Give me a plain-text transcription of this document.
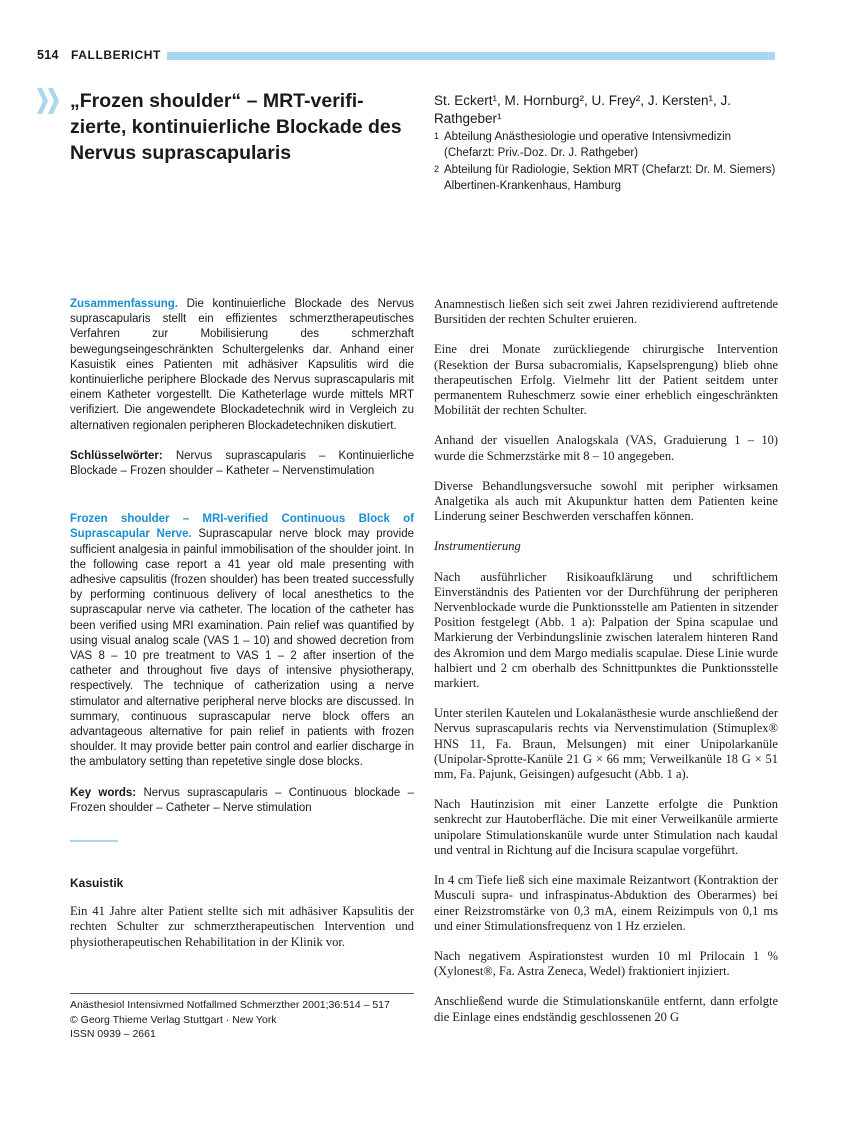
514 FALLBERICHT
„Frozen shoulder“ – MRT-verifizierte, kontinuierliche Blockade des Nervus suprascapularis
St. Eckert¹, M. Hornburg², U. Frey², J. Kersten¹, J. Rathgeber¹
1 Abteilung Anästhesiologie und operative Intensivmedizin
(Chefarzt: Priv.-Doz. Dr. J. Rathgeber)
2 Abteilung für Radiologie, Sektion MRT (Chefarzt: Dr. M. Siemers)
Albertinen-Krankenhaus, Hamburg

Zusammenfassung. Die kontinuierliche Blockade des Nervus suprascapularis stellt ein effizientes schmerztherapeutisches Verfahren zur Mobilisierung des schmerzhaft bewegungseingeschränkten Schultergelenks dar. Anhand einer Kasuistik eines Patienten mit adhäsiver Kapsulitis wird die kontinuierliche periphere Blockade des Nervus suprascapularis mit einem Katheter vorgestellt. Die Katheterlage wurde mittels MRT verifiziert. Die angewendete Blockadetechnik wird in Vergleich zu alternativen regionalen peripheren Blockadetechniken diskutiert.

Schlüsselwörter: Nervus suprascapularis – Kontinuierliche Blockade – Frozen shoulder – Katheter – Nervenstimulation

Frozen shoulder – MRI-verified Continuous Block of Suprascapular Nerve. Suprascapular nerve block may provide sufficient analgesia in painful immobilisation of the shoulder joint. In the following case report a 41 year old male presenting with adhesive capsulitis (frozen shoulder) has been treated successfully by performing continuous delivery of local anesthetics to the suprascapular nerve via catheter. The location of the catheter has been verified using MRI examination. Pain relief was quantified by using visual analog scale (VAS 1 – 10) and showed decretion from VAS 8 – 10 pre treatment to VAS 1 – 2 after insertion of the catheter and throughout five days of intensive physiotherapy, respectively. The technique of catherization using a nerve stimulator and alternative peripheral nerve blocks are discussed. In summary, continuous suprascapular nerve block offers an advantageous alternative for pain relief in patients with frozen shoulder. It may provide better pain control and earlier discharge in the ambulatory setting than repetetive single dose blocks.

Key words: Nervus suprascapularis – Continuous blockade – Frozen shoulder – Catheter – Nerve stimulation

Kasuistik

Ein 41 Jahre alter Patient stellte sich mit adhäsiver Kapsulitis der rechten Schulter zur schmerztherapeutischen Intervention und physiotherapeutischen Rehabilitation in der Klinik vor.

Anästhesiol Intensivmed Notfallmed Schmerzther 2001;36:514 – 517
© Georg Thieme Verlag Stuttgart · New York
ISSN 0939 – 2661

Anamnestisch ließen sich seit zwei Jahren rezidivierend auftretende Bursitiden der rechten Schulter eruieren.

Eine drei Monate zurückliegende chirurgische Intervention (Resektion der Bursa subacromialis, Kapselsprengung) blieb ohne therapeutischen Erfolg. Vielmehr litt der Patient seitdem unter permanentem Ruheschmerz sowie einer erheblich eingeschränkten Mobilität der rechten Schulter.

Anhand der visuellen Analogskala (VAS, Graduierung 1 – 10) wurde die Schmerzstärke mit 8 – 10 angegeben.

Diverse Behandlungsversuche sowohl mit peripher wirksamen Analgetika als auch mit Akupunktur hatten dem Patienten keine Linderung seiner Beschwerden verschaffen können.

Instrumentierung

Nach ausführlicher Risikoaufklärung und schriftlichem Einverständnis des Patienten vor der Durchführung der peripheren Nervenblockade wurde die Punktionsstelle am Patienten in sitzender Position festgelegt (Abb. 1 a): Palpation der Spina scapulae und Markierung der Verbindungslinie zwischen lateralem hinteren Rand des Akromion und dem Margo medialis scapulae. Diese Linie wurde halbiert und 2 cm oberhalb des Schnittpunktes die Punktionsstelle markiert.

Unter sterilen Kautelen und Lokalanästhesie wurde anschließend der Nervus suprascapularis rechts via Nervenstimulation (Stimuplex® HNS 11, Fa. Braun, Melsungen) mit einer Unipolarkanüle (Unipolar-Sprotte-Kanüle 21 G × 66 mm; Verweilkanüle 18 G × 51 mm, Fa. Pajunk, Geisingen) aufgesucht (Abb. 1 a).

Nach Hautinzision mit einer Lanzette erfolgte die Punktion senkrecht zur Hautoberfläche. Die mit einer Verweilkanüle armierte unipolare Stimulationskanüle wurde unter Stimulation nach kaudal und ventral in Richtung auf die Incisura scapulae vorgeführt.

In 4 cm Tiefe ließ sich eine maximale Reizantwort (Kontraktion der Musculi supra- und infraspinatus-Abduktion des Oberarmes) bei einer Reizstromstärke von 0,3 mA, einem Reizimpuls von 0,1 ms und einer Stimulationsfrequenz von 1 Hz erzielen.

Nach negativem Aspirationstest wurden 10 ml Prilocain 1 % (Xylonest®, Fa. Astra Zeneca, Wedel) fraktioniert injiziert.

Anschließend wurde die Stimulationskanüle entfernt, dann erfolgte die Einlage eines endständig geschlossenen 20 G
